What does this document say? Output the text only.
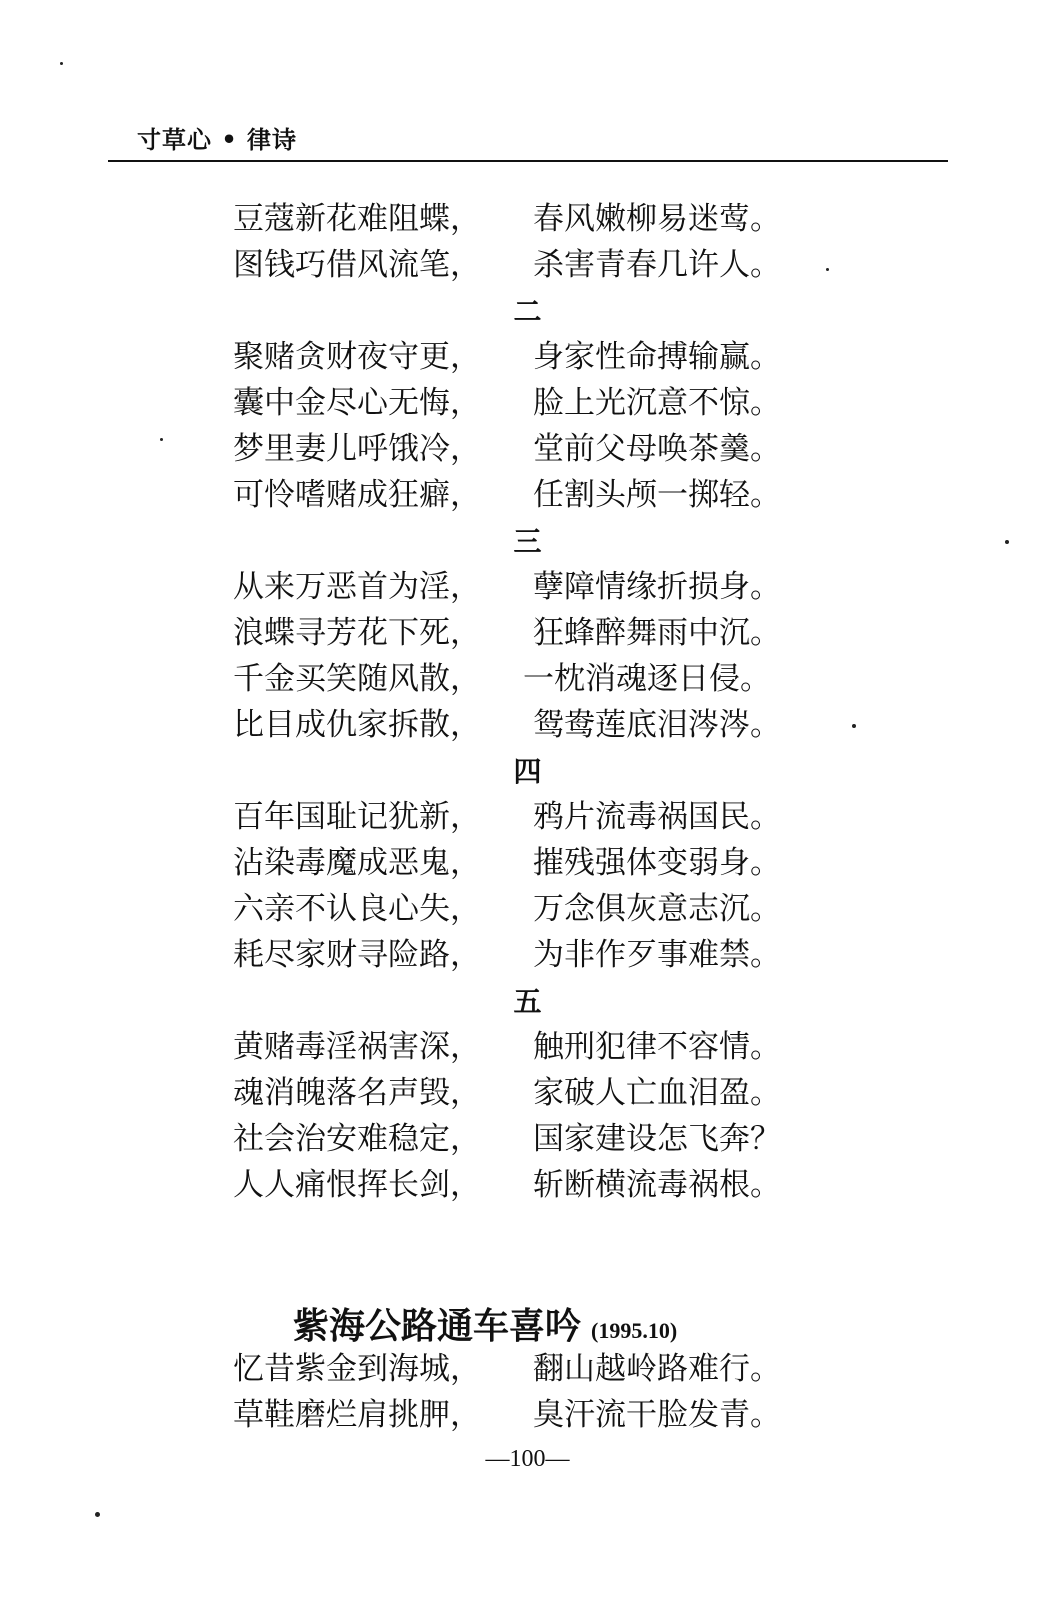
寸草心 • 律诗
豆蔻新花难阻蝶， 春风嫩柳易迷莺。
图钱巧借风流笔， 杀害青春几许人。
二
聚赌贪财夜守更， 身家性命搏输赢。
囊中金尽心无悔， 脸上光沉意不惊。
梦里妻儿呼饿冷， 堂前父母唤茶羹。
可怜嗜赌成狂癖， 任割头颅一掷轻。
三
从来万恶首为淫， 孽障情缘折损身。
浪蝶寻芳花下死， 狂蜂醉舞雨中沉。
千金买笑随风散， 一枕消魂逐日侵。
比目成仇家拆散， 鸳鸯莲底泪涔涔。
四
百年国耻记犹新， 鸦片流毒祸国民。
沾染毒魔成恶鬼， 摧残强体变弱身。
六亲不认良心失， 万念俱灰意志沉。
耗尽家财寻险路， 为非作歹事难禁。
五
黄赌毒淫祸害深， 触刑犯律不容情。
魂消魄落名声毁， 家破人亡血泪盈。
社会治安难稳定， 国家建设怎飞奔？
人人痛恨挥长剑， 斩断横流毒祸根。
紫海公路通车喜吟 (1995.10)
忆昔紫金到海城， 翻山越岭路难行。
草鞋磨烂肩挑胛， 臭汗流干脸发青。
—100—
